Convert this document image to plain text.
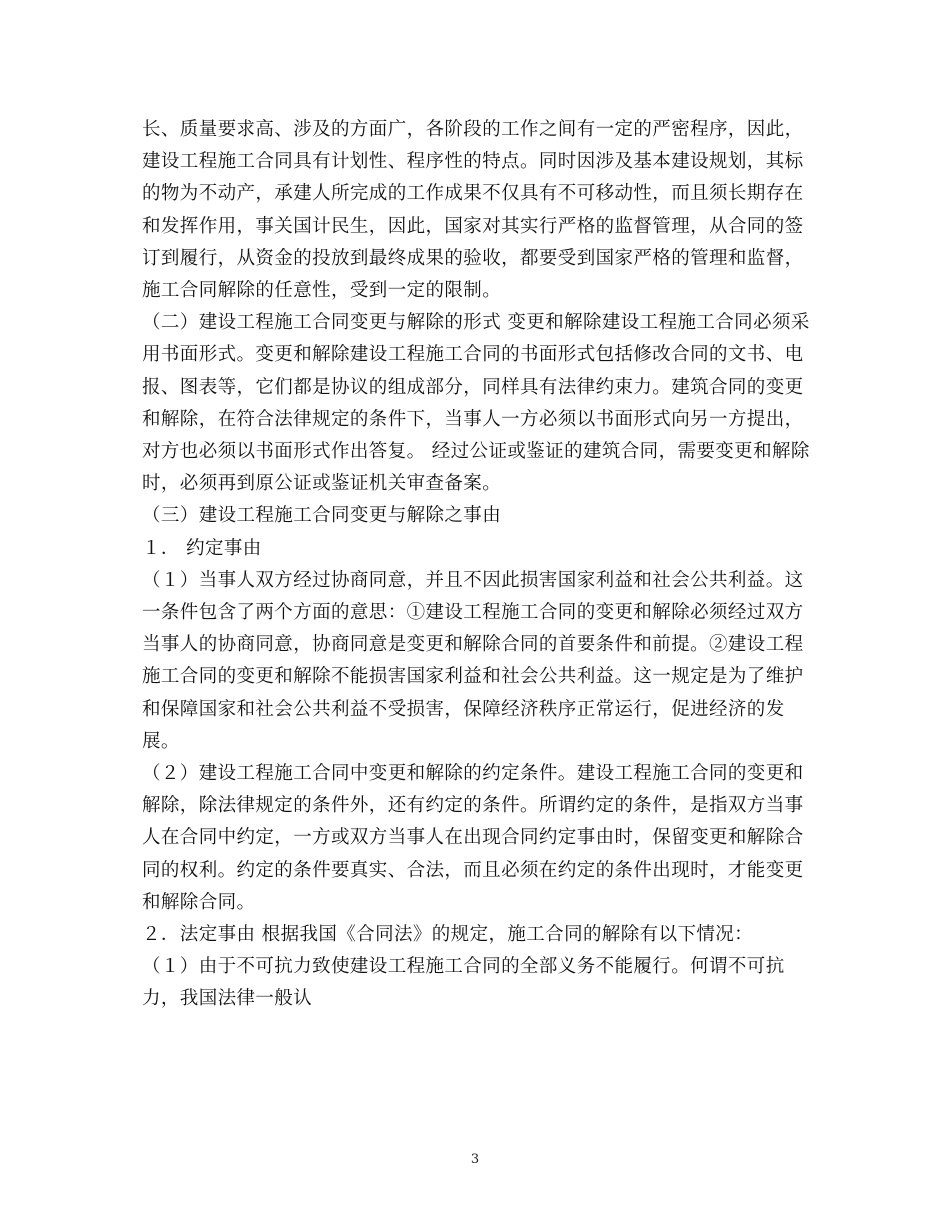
长、质量要求高、涉及的方面广，各阶段的工作之间有一定的严密程序，因此，建设工程施工合同具有计划性、程序性的特点。同时因涉及基本建设规划，其标的物为不动产，承建人所完成的工作成果不仅具有不可移动性，而且须长期存在和发挥作用，事关国计民生，因此，国家对其实行严格的监督管理，从合同的签订到履行，从资金的投放到最终成果的验收，都要受到国家严格的管理和监督，施工合同解除的任意性，受到一定的限制。

（二）建设工程施工合同变更与解除的形式 变更和解除建设工程施工合同必须采用书面形式。变更和解除建设工程施工合同的书面形式包括修改合同的文书、电报、图表等，它们都是协议的组成部分，同样具有法律约束力。建筑合同的变更和解除，在符合法律规定的条件下，当事人一方必须以书面形式向另一方提出，对方也必须以书面形式作出答复。 经过公证或鉴证的建筑合同，需要变更和解除时，必须再到原公证或鉴证机关审查备案。

（三）建设工程施工合同变更与解除之事由

１． 约定事由

（１）当事人双方经过协商同意，并且不因此损害国家利益和社会公共利益。这一条件包含了两个方面的意思：①建设工程施工合同的变更和解除必须经过双方当事人的协商同意，协商同意是变更和解除合同的首要条件和前提。②建设工程施工合同的变更和解除不能损害国家利益和社会公共利益。这一规定是为了维护和保障国家和社会公共利益不受损害，保障经济秩序正常运行，促进经济的发展。

（２）建设工程施工合同中变更和解除的约定条件。建设工程施工合同的变更和解除，除法律规定的条件外，还有约定的条件。所谓约定的条件，是指双方当事人在合同中约定，一方或双方当事人在出现合同约定事由时，保留变更和解除合同的权利。约定的条件要真实、合法，而且必须在约定的条件出现时，才能变更和解除合同。

２．法定事由 根据我国《合同法》的规定，施工合同的解除有以下情况：

（１）由于不可抗力致使建设工程施工合同的全部义务不能履行。何谓不可抗力，我国法律一般认

3
